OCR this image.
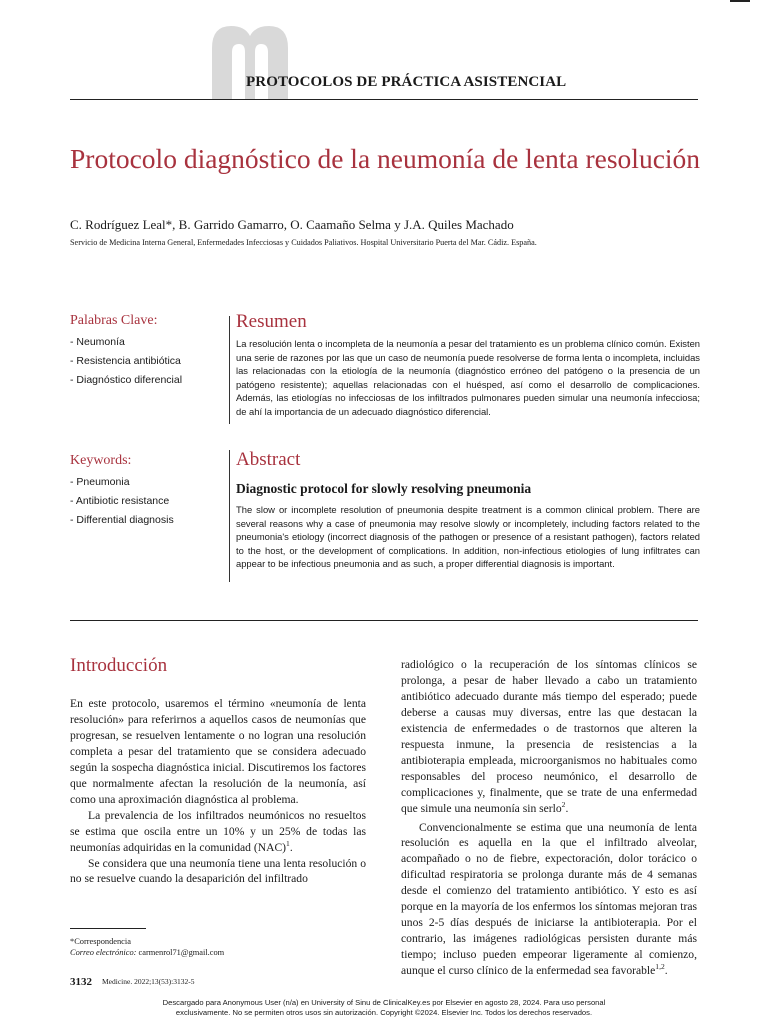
PROTOCOLOS DE PRÁCTICA ASISTENCIAL
Protocolo diagnóstico de la neumonía de lenta resolución
C. Rodríguez Leal*, B. Garrido Gamarro, O. Caamaño Selma y J.A. Quiles Machado
Servicio de Medicina Interna General, Enfermedades Infecciosas y Cuidados Paliativos. Hospital Universitario Puerta del Mar. Cádiz. España.
Palabras Clave:
- Neumonía
- Resistencia antibiótica
- Diagnóstico diferencial
Keywords:
- Pneumonia
- Antibiotic resistance
- Differential diagnosis
Resumen
La resolución lenta o incompleta de la neumonía a pesar del tratamiento es un problema clínico común. Existen una serie de razones por las que un caso de neumonía puede resolverse de forma lenta o incompleta, incluidas las relacionadas con la etiología de la neumonía (diagnóstico erróneo del patógeno o la presencia de un patógeno resistente); aquellas relacionadas con el huésped, así como el desarrollo de complicaciones. Además, las etiologías no infecciosas de los infiltrados pulmonares pueden simular una neumonía infecciosa; de ahí la importancia de un adecuado diagnóstico diferencial.
Abstract
Diagnostic protocol for slowly resolving pneumonia
The slow or incomplete resolution of pneumonia despite treatment is a common clinical problem. There are several reasons why a case of pneumonia may resolve slowly or incompletely, including factors related to the pneumonia's etiology (incorrect diagnosis of the pathogen or presence of a resistant pathogen), factors related to the host, or the development of complications. In addition, non-infectious etiologies of lung infiltrates can appear to be infectious pneumonia and as such, a proper differential diagnosis is important.
Introducción

En este protocolo, usaremos el término «neumonía de lenta resolución» para referirnos a aquellos casos de neumonías que progresan, se resuelven lentamente o no logran una resolución completa a pesar del tratamiento que se considera adecuado según la sospecha diagnóstica inicial. Discutiremos los factores que normalmente afectan la resolución de la neumonía, así como una aproximación diagnóstica al problema.

La prevalencia de los infiltrados neumónicos no resueltos se estima que oscila entre un 10% y un 25% de todas las neumonías adquiridas en la comunidad (NAC)$^1$.

Se considera que una neumonía tiene una lenta resolución o no se resuelve cuando la desaparición del infiltrado

radiológico o la recuperación de los síntomas clínicos se prolonga, a pesar de haber llevado a cabo un tratamiento antibiótico adecuado durante más tiempo del esperado; puede deberse a causas muy diversas, entre las que destacan la existencia de enfermedades o de trastornos que alteren la respuesta inmune, la presencia de resistencias a la antibioterapia empleada, microorganismos no habituales como responsables del proceso neumónico, el desarrollo de complicaciones y, finalmente, que se trate de una enfermedad que simule una neumonía sin serlo$^2$.

Convencionalmente se estima que una neumonía de lenta resolución es aquella en la que el infiltrado alveolar, acompañado o no de fiebre, expectoración, dolor torácico o dificultad respiratoria se prolonga durante más de 4 semanas desde el comienzo del tratamiento antibiótico. Y esto es así porque en la mayoría de los enfermos los síntomas mejoran tras unos 2-5 días después de iniciarse la antibioterapia. Por el contrario, las imágenes radiológicas persisten durante más tiempo; incluso pueden empeorar ligeramente al comienzo, aunque el curso clínico de la enfermedad sea favorable$^{1,2}$.

*Correspondencia
Correo electrónico: carmenrol71@gmail.com
3132 Medicine. 2022;13(53):3132-5
Descargado para Anonymous User (n/a) en University of Sinu de ClinicalKey.es por Elsevier en agosto 28, 2024. Para uso personal
exclusivamente. No se permiten otros usos sin autorización. Copyright ©2024. Elsevier Inc. Todos los derechos reservados.
